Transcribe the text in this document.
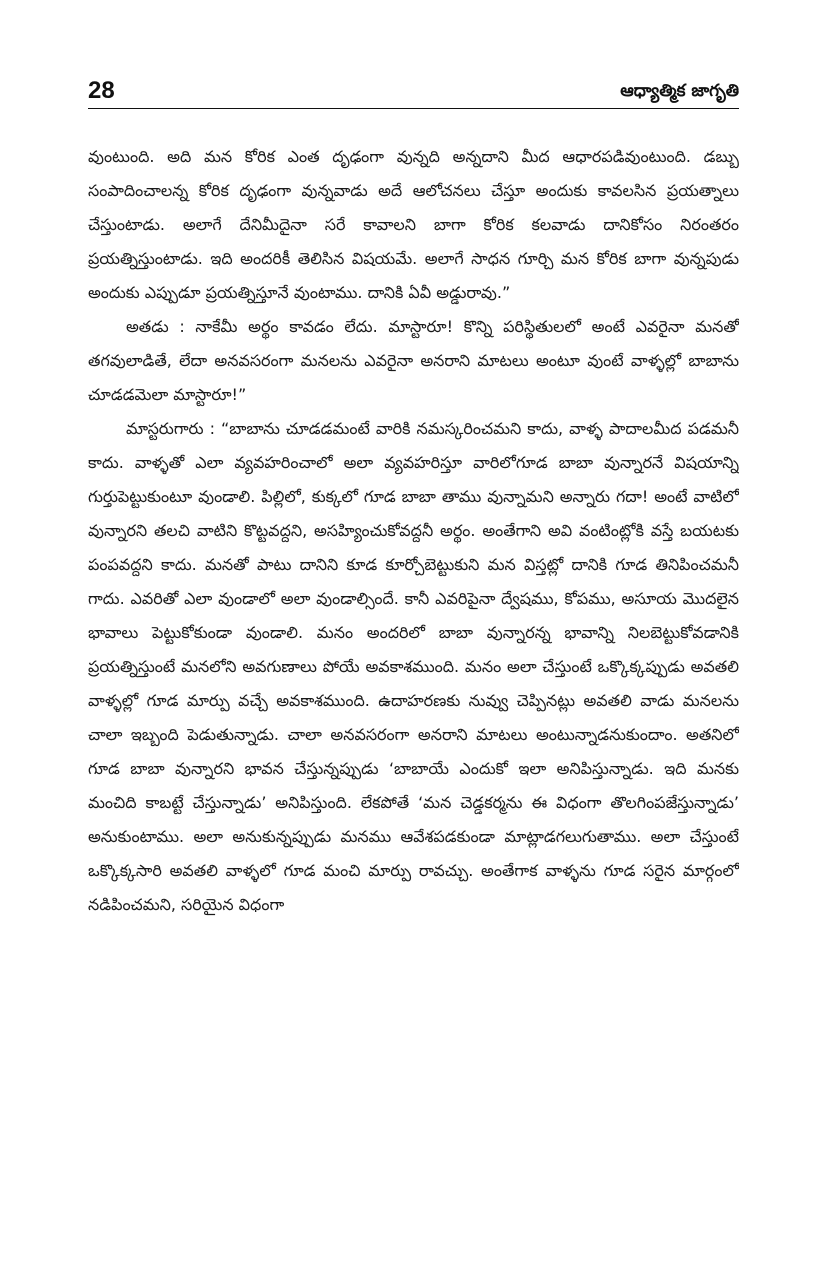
28	ఆధ్యాత్మిక జాగృతి

వుంటుంది. అది మన కోరిక ఎంత దృఢంగా వున్నది అన్నదాని మీద ఆధారపడివుంటుంది. డబ్బు సంపాదించాలన్న కోరిక దృఢంగా వున్నవాడు అదే ఆలోచనలు చేస్తూ అందుకు కావలసిన ప్రయత్నాలు చేస్తుంటాడు. అలాగే దేనిమీదైనా సరే కావాలని బాగా కోరిక కలవాడు దానికోసం నిరంతరం ప్రయత్నిస్తుంటాడు. ఇది అందరికీ తెలిసిన విషయమే. అలాగే సాధన గూర్చి మన కోరిక బాగా వున్నపుడు అందుకు ఎప్పుడూ ప్రయత్నిస్తూనే వుంటాము. దానికి ఏవీ అడ్డురావు.”

అతడు : నాకేమీ అర్థం కావడం లేదు. మాస్టారూ! కొన్ని పరిస్థితులలో అంటే ఎవరైనా మనతో తగవులాడితే, లేదా అనవసరంగా మనలను ఎవరైనా అనరాని మాటలు అంటూ వుంటే వాళ్ళల్లో బాబాను చూడడమెలా మాస్టారూ!”

మాస్టరుగారు : “బాబాను చూడడమంటే వారికి నమస్కరించమని కాదు, వాళ్ళ పాదాలమీద పడమనీ కాదు. వాళ్ళతో ఎలా వ్యవహరించాలో అలా వ్యవహరిస్తూ వారిలోగూడ బాబా వున్నారనే విషయాన్ని గుర్తుపెట్టుకుంటూ వుండాలి. పిల్లిలో, కుక్కలో గూడ బాబా తాము వున్నామని అన్నారు గదా! అంటే వాటిలో వున్నారని తలచి వాటిని కొట్టవద్దని, అసహ్యించుకోవద్దనీ అర్థం. అంతేగాని అవి వంటింట్లోకి వస్తే బయటకు పంపవద్దని కాదు. మనతో పాటు దానిని కూడ కూర్చోబెట్టుకుని మన విస్తట్లో దానికి గూడ తినిపించమనీ గాదు. ఎవరితో ఎలా వుండాలో అలా వుండాల్సిందే. కానీ ఎవరిపైనా ద్వేషము, కోపము, అసూయ మొదలైన భావాలు పెట్టుకోకుండా వుండాలి. మనం అందరిలో బాబా వున్నారన్న భావాన్ని నిలబెట్టుకోవడానికి ప్రయత్నిస్తుంటే మనలోని అవగుణాలు పోయే అవకాశముంది. మనం అలా చేస్తుంటే ఒక్కొక్కప్పుడు అవతలి వాళ్ళల్లో గూడ మార్పు వచ్చే అవకాశముంది. ఉదాహరణకు నువ్వు చెప్పినట్లు అవతలి వాడు మనలను చాలా ఇబ్బంది పెడుతున్నాడు. చాలా అనవసరంగా అనరాని మాటలు అంటున్నాడనుకుందాం. అతనిలో గూడ బాబా వున్నారని భావన చేస్తున్నప్పుడు ‘బాబాయే ఎందుకో ఇలా అనిపిస్తున్నాడు. ఇది మనకు మంచిది కాబట్టే చేస్తున్నాడు’ అనిపిస్తుంది. లేకపోతే ‘మన చెడ్డకర్మను ఈ విధంగా తొలగింపజేస్తున్నాడు’ అనుకుంటాము. అలా అనుకున్నప్పుడు మనము ఆవేశపడకుండా మాట్లాడగలుగుతాము. అలా చేస్తుంటే ఒక్కొక్కసారి అవతలి వాళ్ళలో గూడ మంచి మార్పు రావచ్చు. అంతేగాక వాళ్ళను గూడ సరైన మార్గంలో నడిపించమని, సరియైన విధంగా
